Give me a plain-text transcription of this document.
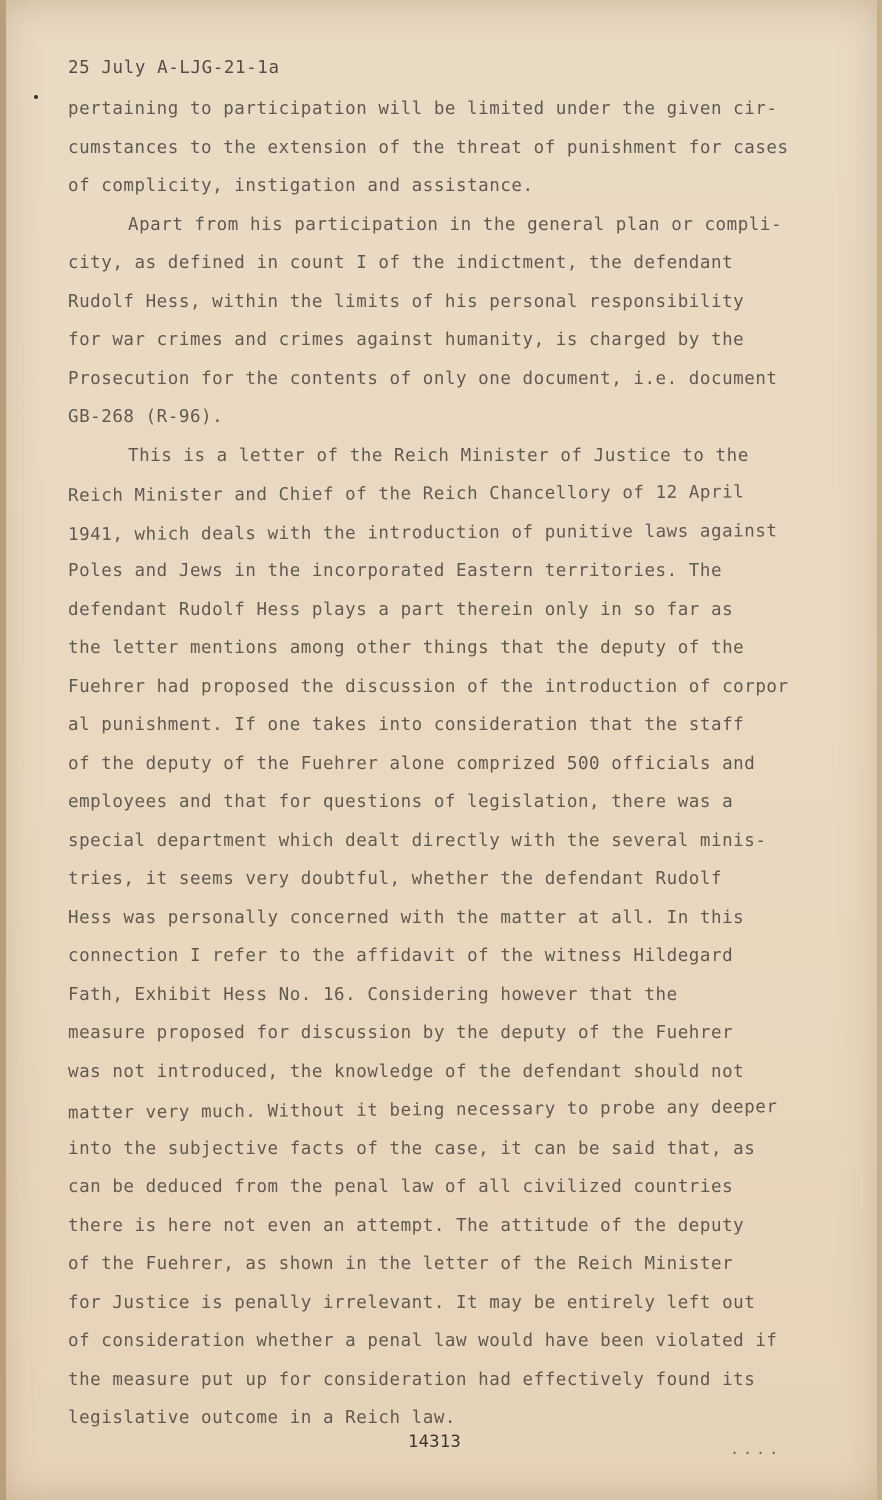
25 July A-LJG-21-1a
pertaining to participation will be limited under the given cir-
cumstances to the extension of the threat of punishment for cases
of complicity, instigation and assistance.
Apart from his participation in the general plan or compli-
city, as defined in count I of the indictment, the defendant
Rudolf Hess, within the limits of his personal responsibility
for war crimes and crimes against humanity, is charged by the
Prosecution for the contents of only one document, i.e. document
GB-268 (R-96).
This is a letter of the Reich Minister of Justice to the
Reich Minister and Chief of the Reich Chancellory of 12 April
1941, which deals with the introduction of punitive laws against
Poles and Jews in the incorporated Eastern territories. The
defendant Rudolf Hess plays a part therein only in so far as
the letter mentions among other things that the deputy of the
Fuehrer had proposed the discussion of the introduction of corpor
al punishment. If one takes into consideration that the staff
of the deputy of the Fuehrer alone comprized 500 officials and
employees and that for questions of legislation, there was a
special department which dealt directly with the several minis-
tries, it seems very doubtful, whether the defendant Rudolf
Hess was personally concerned with the matter at all. In this
connection I refer to the affidavit of the witness Hildegard
Fath, Exhibit Hess No. 16. Considering however that the
measure proposed for discussion by the deputy of the Fuehrer
was not introduced, the knowledge of the defendant should not
matter very much. Without it being necessary to probe any deeper
into the subjective facts of the case, it can be said that, as
can be deduced from the penal law of all civilized countries
there is here not even an attempt. The attitude of the deputy
of the Fuehrer, as shown in the letter of the Reich Minister
for Justice is penally irrelevant. It may be entirely left out
of consideration whether a penal law would have been violated if
the measure put up for consideration had effectively found its
legislative outcome in a Reich law.
14313	....
